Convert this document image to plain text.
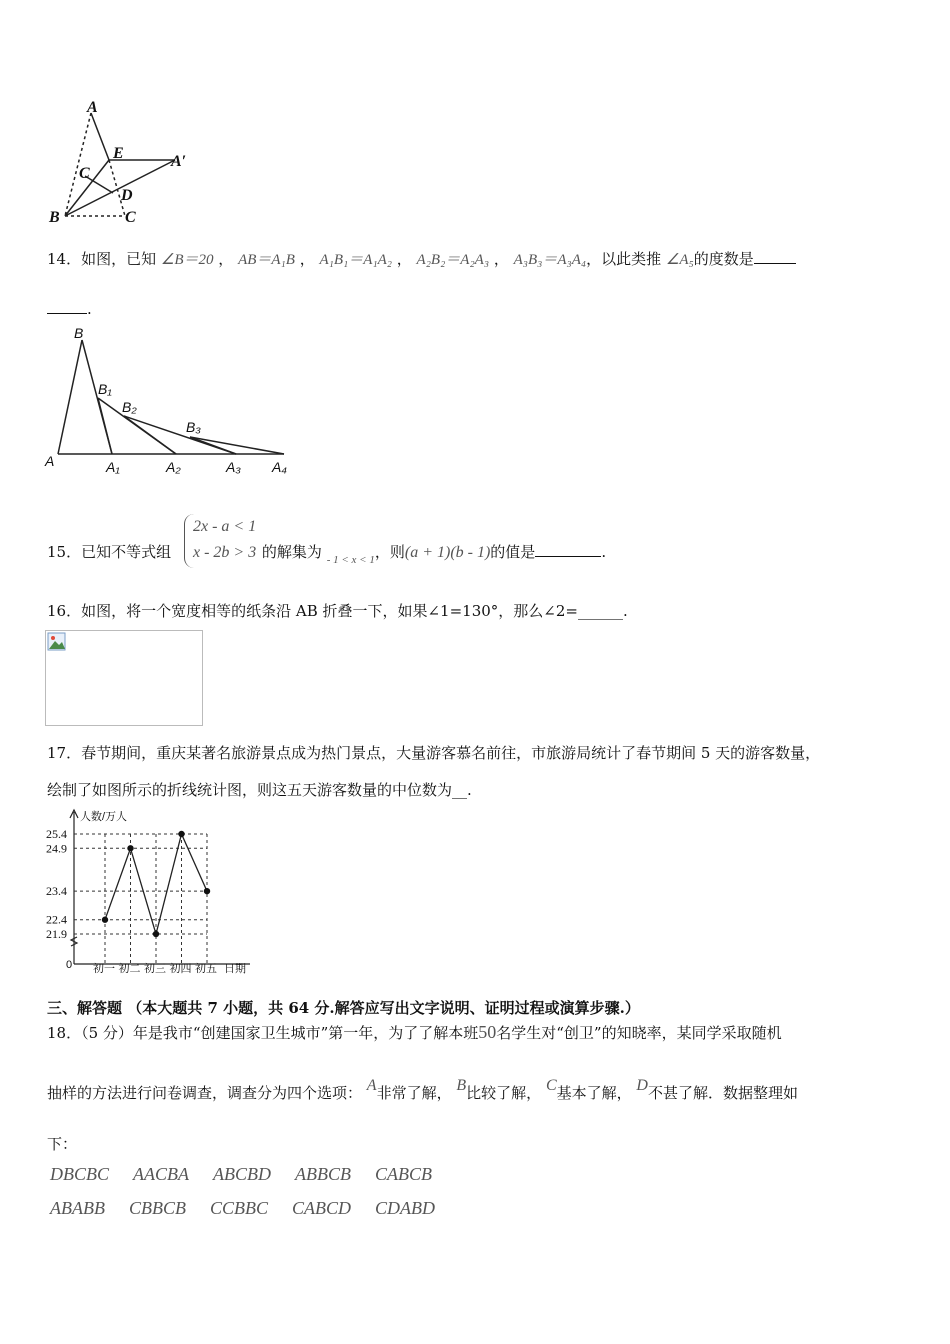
A
E	A′
C
D
B	C
14．如图，已知 ∠B＝20 ， AB＝A₁B ， A₁B₁＝A₁A₂ ， A₂B₂＝A₂A₃ ， A₃B₃＝A₃A₄，以此类推 ∠A₅的度数是
.
B
B₁
B₂
B₃
A	A₁	A₂	A₃ A₄
15．已知不等式组	的解集为 $_{- 1 < x < 1}$，则(a + 1)(b - 1)的值是	.
2x - a < 1
x - 2b > 3
16．如图，将一个宽度相等的纸条沿 AB 折叠一下，如果∠1=130°，那么∠2=______.
17．春节期间，重庆某著名旅游景点成为热门景点，大量游客慕名前往，市旅游局统计了春节期间 5 天的游客数量，
绘制了如图所示的折线统计图，则这五天游客数量的中位数为__.
人数/万人
日期
0
25.4
24.9
23.4
22.4
21.9
初一 初二 初三 初四 初五
三、解答题 （本大题共 7 小题，共 64 分.解答应写出文字说明、证明过程或演算步骤.）
18．（5 分）年是我市“创建国家卫生城市”第一年，为了了解本班50名学生对“创卫”的知晓率，某同学采取随机
抽样的方法进行问卷调查，调查分为四个选项： A非常了解， B比较了解， C基本了解， D不甚了解．数据整理如
下：
DBCBC AACBA ABCBD ABBCB CABCB
ABABB CBBCB CCBBC CABCD CDABD
